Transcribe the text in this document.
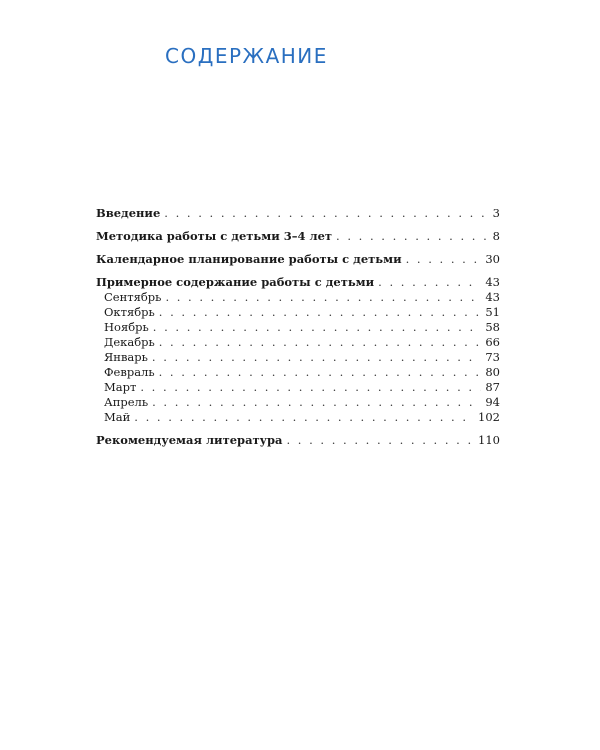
СОДЕРЖАНИЕ
Введение . . .	3
Методика работы с детьми 3–4 лет . . .	8
Календарное планирование работы с детьми . . .	30
Примерное содержание работы с детьми . . .	43
Сентябрь . . .	43
Октябрь . . .	51
Ноябрь . . .	58
Декабрь . . .	66
Январь . . .	73
Февраль . . .	80
Март . . .	87
Апрель . . .	94
Май . . .	102
Рекомендуемая литература . . .	110
